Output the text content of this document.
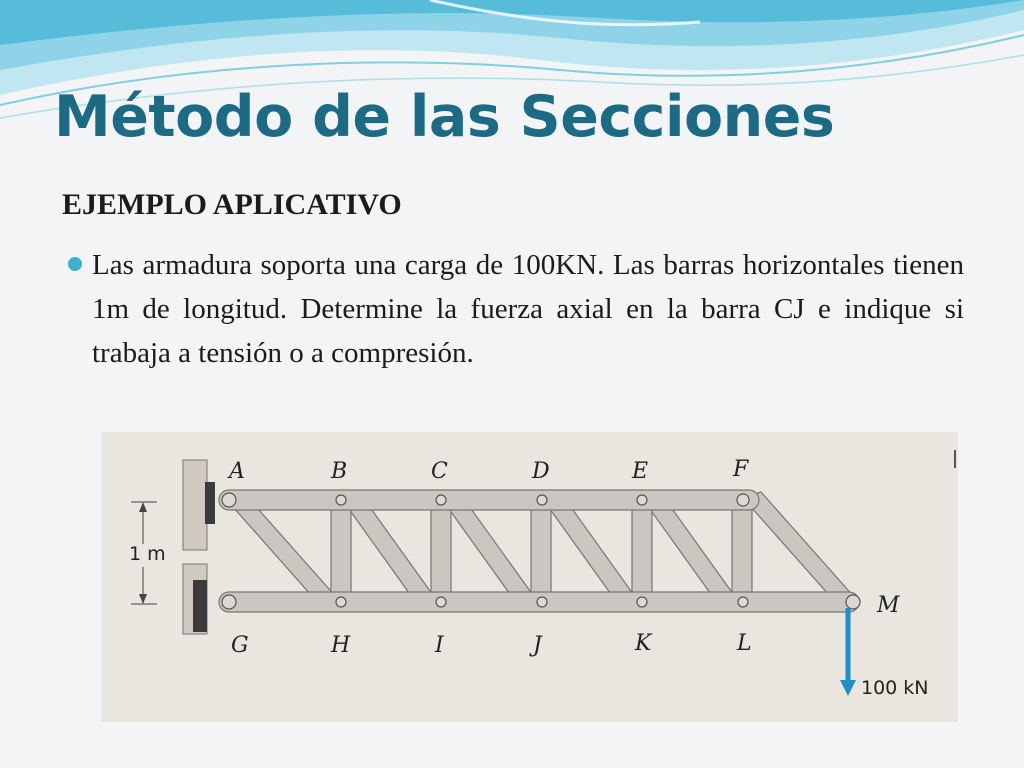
Método de las Secciones
EJEMPLO APLICATIVO

Las armadura soporta una carga de 100KN. Las barras horizontales tienen 1m de longitud. Determine la fuerza axial en la barra CJ e indique si trabaja a tensión o a compresión.

1 m
A	B	C	D	E	F
G	H	I	J	K	L
M
100 kN
